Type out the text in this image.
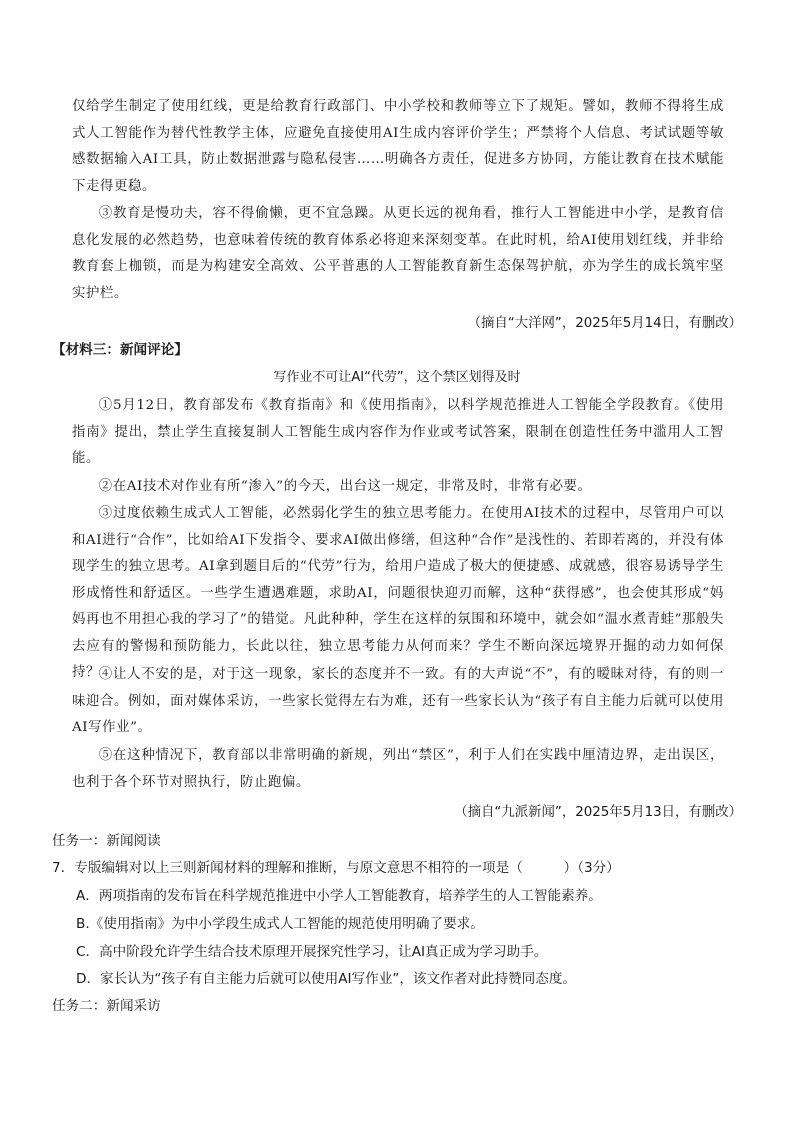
仅给学生制定了使用红线，更是给教育行政部门、中小学校和教师等立下了规矩。譬如，教师不得将生成式人工智能作为替代性教学主体，应避免直接使用AI生成内容评价学生；严禁将个人信息、考试试题等敏感数据输入AI工具，防止数据泄露与隐私侵害……明确各方责任，促进多方协同，方能让教育在技术赋能下走得更稳。
③教育是慢功夫，容不得偷懒，更不宜急躁。从更长远的视角看，推行人工智能进中小学，是教育信息化发展的必然趋势，也意味着传统的教育体系必将迎来深刻变革。在此时机，给AI使用划红线，并非给教育套上枷锁，而是为构建安全高效、公平普惠的人工智能教育新生态保驾护航，亦为学生的成长筑牢坚实护栏。
（摘自“大洋网”，2025年5月14日，有删改）
【材料三：新闻评论】
写作业不可让AI“代劳”，这个禁区划得及时
①5月12日，教育部发布《教育指南》和《使用指南》，以科学规范推进人工智能全学段教育。《使用指南》提出，禁止学生直接复制人工智能生成内容作为作业或考试答案，限制在创造性任务中滥用人工智能。
②在AI技术对作业有所“渗入”的今天，出台这一规定，非常及时，非常有必要。
③过度依赖生成式人工智能，必然弱化学生的独立思考能力。在使用AI技术的过程中，尽管用户可以和AI进行“合作”，比如给AI下发指令、要求AI做出修缮，但这种“合作”是浅性的、若即若离的，并没有体现学生的独立思考。AI拿到题目后的“代劳”行为，给用户造成了极大的便捷感、成就感，很容易诱导学生形成惰性和舒适区。一些学生遭遇难题，求助AI，问题很快迎刃而解，这种“获得感”，也会使其形成“妈妈再也不用担心我的学习了”的错觉。凡此种种，学生在这样的氛围和环境中，就会如“温水煮青蛙”那般失去应有的警惕和预防能力，长此以往，独立思考能力从何而来？学生不断向深远境界开掘的动力如何保持？
④让人不安的是，对于这一现象，家长的态度并不一致。有的大声说“不”，有的暧昧对待，有的则一味迎合。例如，面对媒体采访，一些家长觉得左右为难，还有一些家长认为“孩子有自主能力后就可以使用AI写作业”。
⑤在这种情况下，教育部以非常明确的新规，列出“禁区”，利于人们在实践中厘清边界，走出误区，也利于各个环节对照执行，防止跑偏。
（摘自“九派新闻”，2025年5月13日，有删改）
任务一：新闻阅读
7．专版编辑对以上三则新闻材料的理解和推断，与原文意思不相符的一项是（　　　）（3分）
A．两项指南的发布旨在科学规范推进中小学人工智能教育，培养学生的人工智能素养。
B.《使用指南》为中小学段生成式人工智能的规范使用明确了要求。
C．高中阶段允许学生结合技术原理开展探究性学习，让AI真正成为学习助手。
D．家长认为“孩子有自主能力后就可以使用AI写作业”，该文作者对此持赞同态度。
任务二：新闻采访
